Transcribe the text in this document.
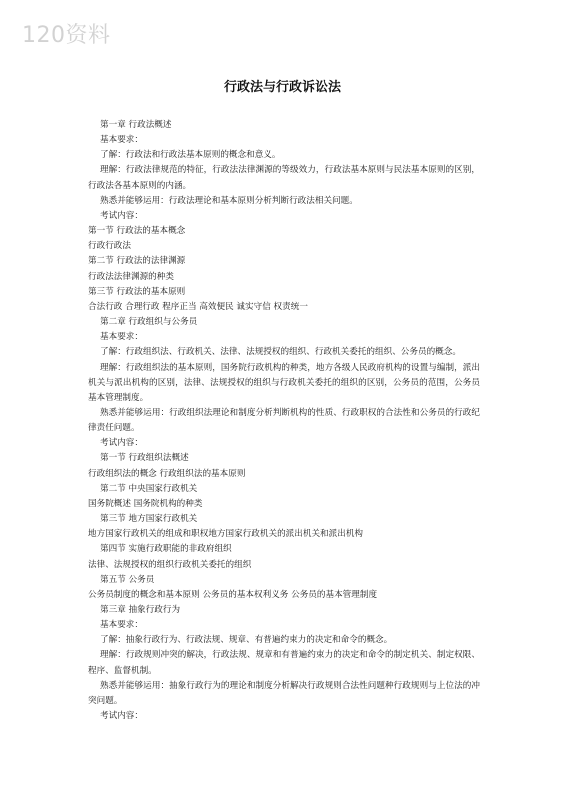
120资料
行政法与行政诉讼法

第一章 行政法概述

基本要求：

了解：行政法和行政法基本原则的概念和意义。

理解：行政法律规范的特征，行政法法律渊源的等级效力，行政法基本原则与民法基本原则的区别，行政法各基本原则的内涵。

熟悉并能够运用：行政法理论和基本原则分析判断行政法相关问题。

考试内容：

第一节 行政法的基本概念

行政行政法

第二节 行政法的法律渊源

行政法法律渊源的种类

第三节 行政法的基本原则

合法行政 合理行政 程序正当 高效便民 诚实守信 权责统一

第二章 行政组织与公务员

基本要求：

了解：行政组织法、行政机关、法律、法规授权的组织、行政机关委托的组织、公务员的概念。

理解：行政组织法的基本原则，国务院行政机构的种类，地方各级人民政府机构的设置与编制，派出机关与派出机构的区别，法律、法规授权的组织与行政机关委托的组织的区别，公务员的范围，公务员基本管理制度。

熟悉并能够运用：行政组织法理论和制度分析判断机构的性质、行政职权的合法性和公务员的行政纪律责任问题。

考试内容：

第一节 行政组织法概述

行政组织法的概念 行政组织法的基本原则

第二节 中央国家行政机关

国务院概述 国务院机构的种类

第三节 地方国家行政机关

地方国家行政机关的组成和职权地方国家行政机关的派出机关和派出机构

第四节 实施行政职能的非政府组织

法律、法规授权的组织行政机关委托的组织

第五节 公务员

公务员制度的概念和基本原则 公务员的基本权利义务 公务员的基本管理制度

第三章 抽象行政行为

基本要求：

了解：抽象行政行为、行政法规、规章、有普遍约束力的决定和命令的概念。

理解：行政规则冲突的解决，行政法规、规章和有普遍约束力的决定和命令的制定机关、制定权限、程序、监督机制。

熟悉并能够运用：抽象行政行为的理论和制度分析解决行政规则合法性问题种行政规则与上位法的冲突问题。

考试内容：
